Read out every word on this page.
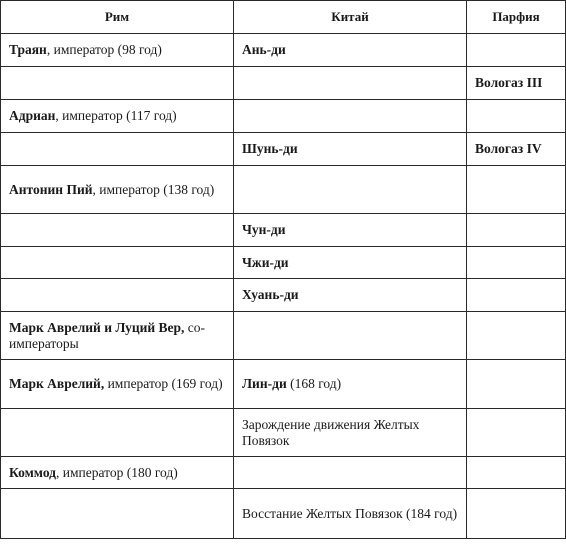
Рим	Китай	Парфия
Траян, император (98 год)	Ань-ди	
		Вологаз III
Адриан, император (117 год)		
	Шунь-ди	Вологаз IV
Антонин Пий, император (138 год)		
	Чун-ди	
	Чжи-ди	
	Хуань-ди	
Марк Аврелий и Луций Вер, со-императоры		
Марк Аврелий, император (169 год)	Лин-ди (168 год)	
	Зарождение движения Желтых Повязок	
Коммод, император (180 год)		
	Восстание Желтых Повязок (184 год)	
